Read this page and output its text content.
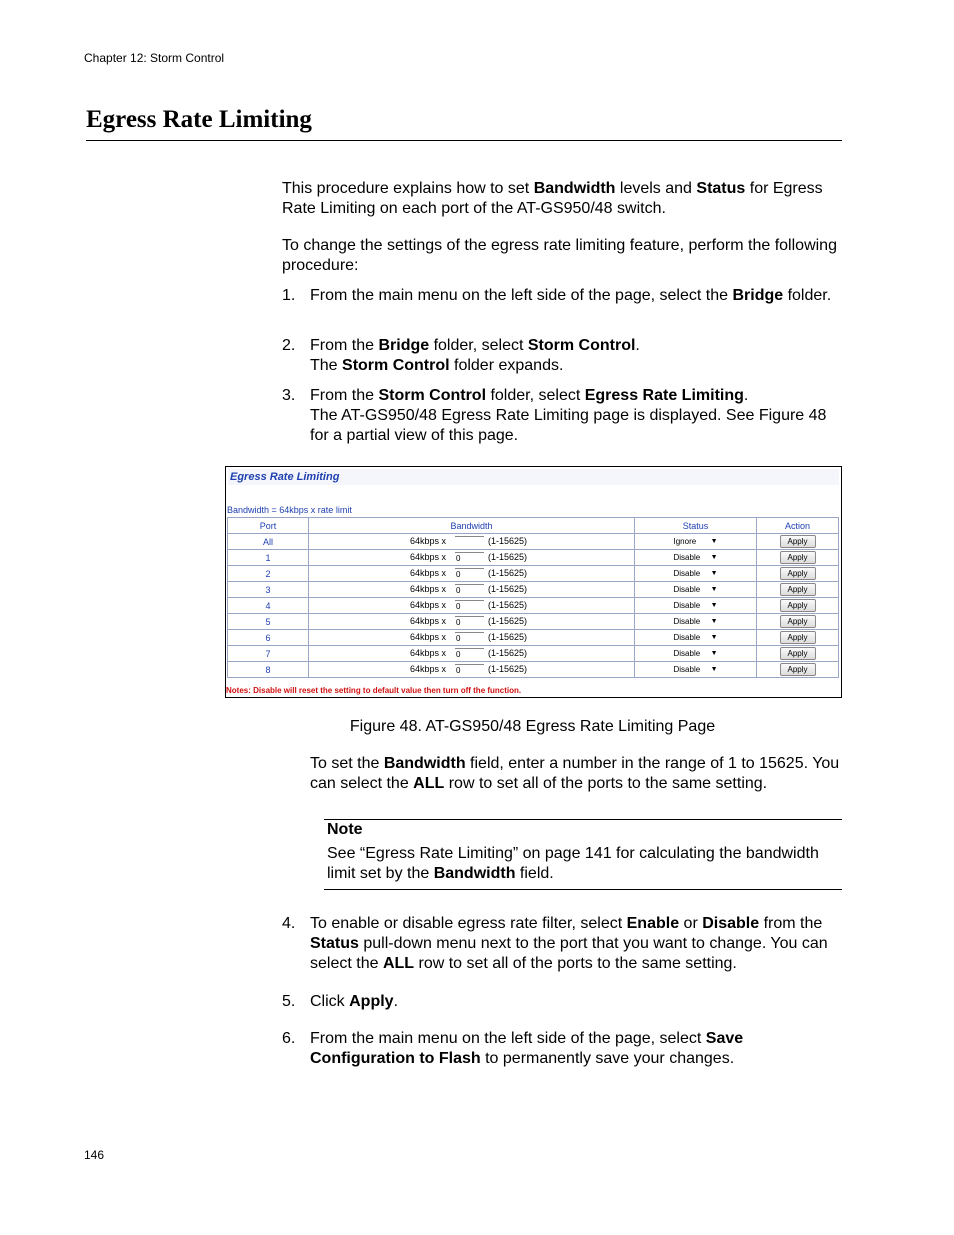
Chapter 12: Storm Control
Egress Rate Limiting
This procedure explains how to set Bandwidth levels and Status for Egress Rate Limiting on each port of the AT-GS950/48 switch.
To change the settings of the egress rate limiting feature, perform the following procedure:
1. From the main menu on the left side of the page, select the Bridge folder.
2. From the Bridge folder, select Storm Control.
The Storm Control folder expands.
3. From the Storm Control folder, select Egress Rate Limiting.
The AT-GS950/48 Egress Rate Limiting page is displayed. See Figure 48 for a partial view of this page.
Egress Rate Limiting
Bandwidth = 64kbps x rate limit
Port	Bandwidth	Status	Action
All	64kbps x (1-15625)	Ignore ▼	Apply
1	64kbps x 0 (1-15625)	Disable ▼	Apply
2	64kbps x 0 (1-15625)	Disable ▼	Apply
3	64kbps x 0 (1-15625)	Disable ▼	Apply
4	64kbps x 0 (1-15625)	Disable ▼	Apply
5	64kbps x 0 (1-15625)	Disable ▼	Apply
6	64kbps x 0 (1-15625)	Disable ▼	Apply
7	64kbps x 0 (1-15625)	Disable ▼	Apply
8	64kbps x 0 (1-15625)	Disable ▼	Apply
Notes: Disable will reset the setting to default value then turn off the function.
Figure 48. AT-GS950/48 Egress Rate Limiting Page
To set the Bandwidth field, enter a number in the range of 1 to 15625. You can select the ALL row to set all of the ports to the same setting.
Note
See “Egress Rate Limiting” on page 141 for calculating the bandwidth limit set by the Bandwidth field.
4. To enable or disable egress rate filter, select Enable or Disable from the Status pull-down menu next to the port that you want to change. You can select the ALL row to set all of the ports to the same setting.
5. Click Apply.
6. From the main menu on the left side of the page, select Save Configuration to Flash to permanently save your changes.
146
